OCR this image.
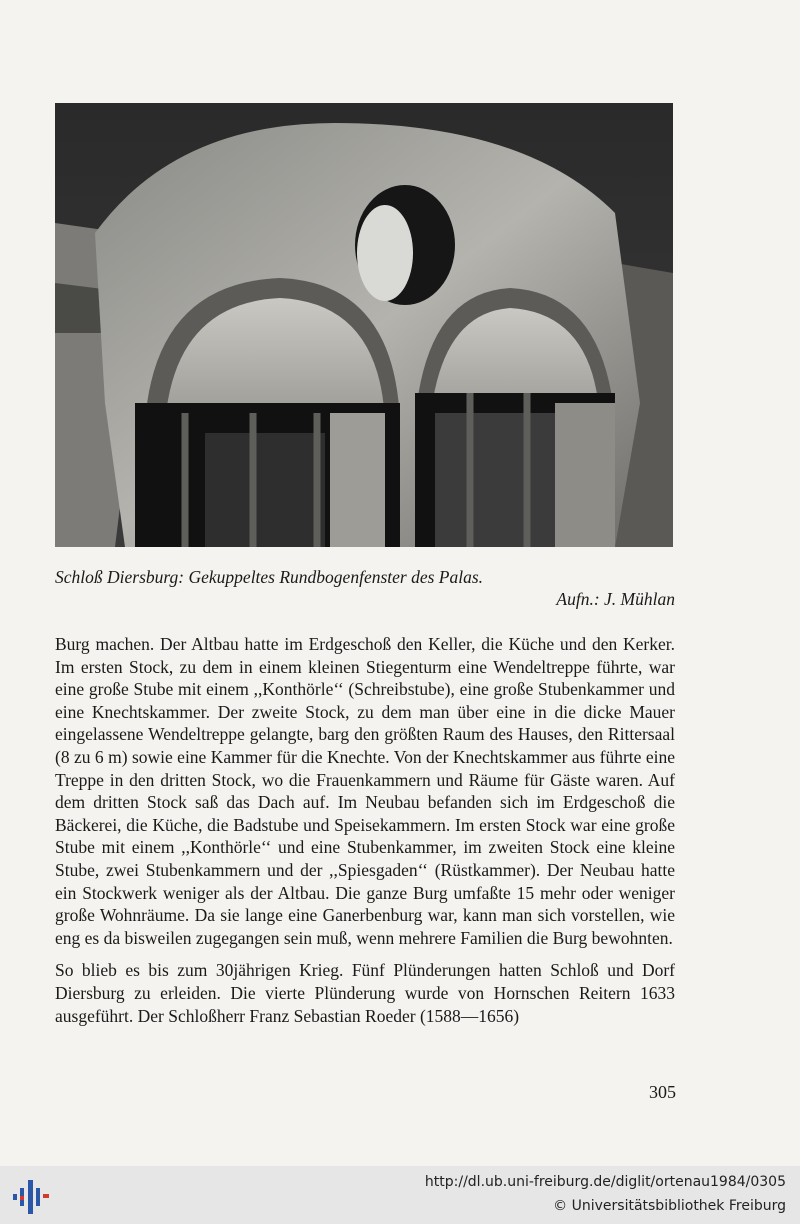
Schloß Diersburg: Gekuppeltes Rundbogenfenster des Palas.
Aufn.: J. Mühlan

Burg machen. Der Altbau hatte im Erdgeschoß den Keller, die Küche und den Kerker. Im ersten Stock, zu dem in einem kleinen Stiegenturm eine Wendeltreppe führte, war eine große Stube mit einem ,,Konthörle‘‘ (Schreibstube), eine große Stubenkammer und eine Knechtskammer. Der zweite Stock, zu dem man über eine in die dicke Mauer eingelassene Wendeltreppe gelangte, barg den größten Raum des Hauses, den Rittersaal (8 zu 6 m) sowie eine Kammer für die Knechte. Von der Knechtskammer aus führte eine Treppe in den dritten Stock, wo die Frauenkammern und Räume für Gäste waren. Auf dem dritten Stock saß das Dach auf. Im Neubau befanden sich im Erdgeschoß die Bäckerei, die Küche, die Badstube und Speisekammern. Im ersten Stock war eine große Stube mit einem ,,Konthörle‘‘ und eine Stubenkammer, im zweiten Stock eine kleine Stube, zwei Stubenkammern und der ,,Spiesgaden‘‘ (Rüstkammer). Der Neubau hatte ein Stockwerk weniger als der Altbau. Die ganze Burg umfaßte 15 mehr oder weniger große Wohnräume. Da sie lange eine Ganerbenburg war, kann man sich vorstellen, wie eng es da bisweilen zugegangen sein muß, wenn mehrere Familien die Burg bewohnten.

So blieb es bis zum 30jährigen Krieg. Fünf Plünderungen hatten Schloß und Dorf Diersburg zu erleiden. Die vierte Plünderung wurde von Hornschen Reitern 1633 ausgeführt. Der Schloßherr Franz Sebastian Roeder (1588—1656)

305
http://dl.ub.uni-freiburg.de/diglit/ortenau1984/0305
© Universitätsbibliothek Freiburg
